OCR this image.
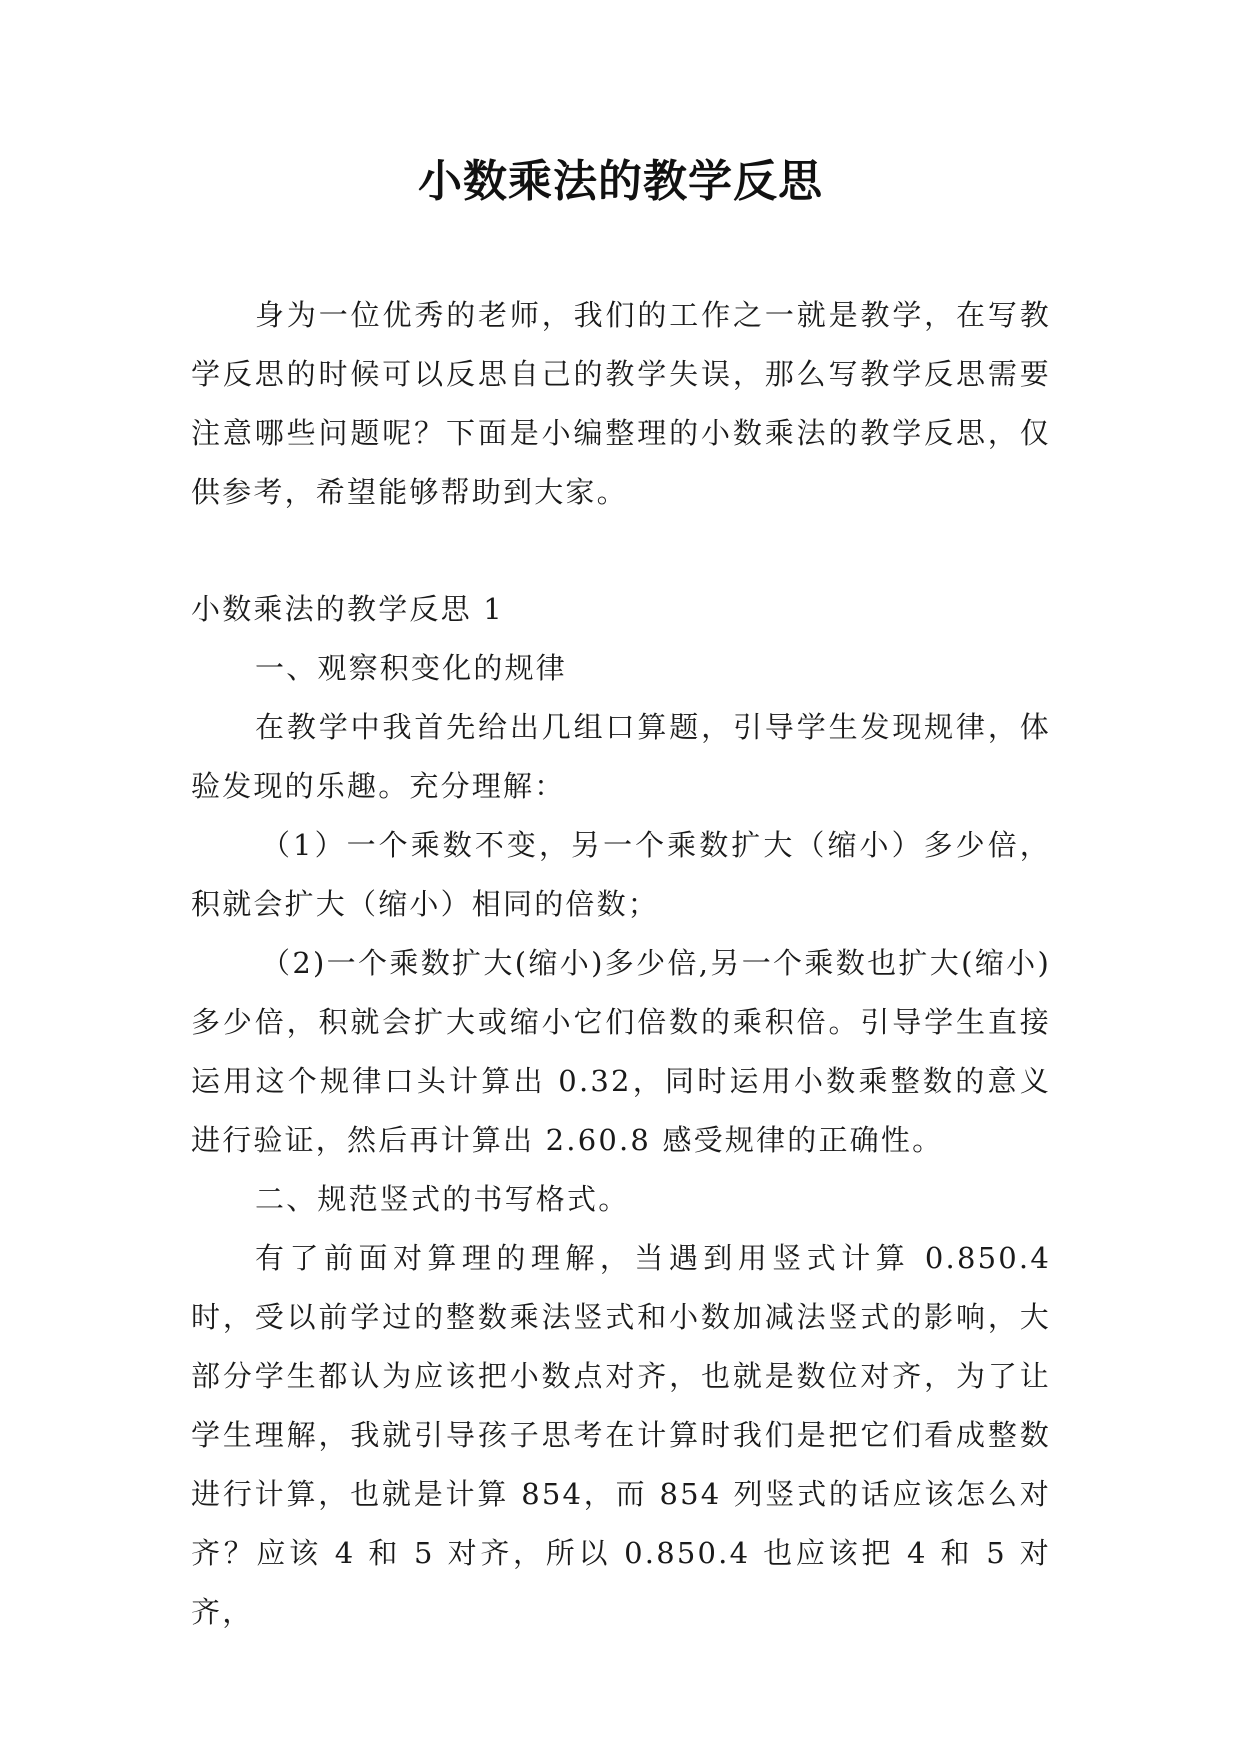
小数乘法的教学反思

身为一位优秀的老师，我们的工作之一就是教学，在写教学反思的时候可以反思自己的教学失误，那么写教学反思需要注意哪些问题呢？下面是小编整理的小数乘法的教学反思，仅供参考，希望能够帮助到大家。

小数乘法的教学反思 1

一、观察积变化的规律

在教学中我首先给出几组口算题，引导学生发现规律，体验发现的乐趣。充分理解：

（1）一个乘数不变，另一个乘数扩大（缩小）多少倍，积就会扩大（缩小）相同的倍数；

（2)一个乘数扩大(缩小)多少倍,另一个乘数也扩大(缩小)多少倍，积就会扩大或缩小它们倍数的乘积倍。引导学生直接运用这个规律口头计算出 0.32，同时运用小数乘整数的意义进行验证，然后再计算出 2.60.8 感受规律的正确性。

二、规范竖式的书写格式。

有了前面对算理的理解，当遇到用竖式计算 0.850.4 时，受以前学过的整数乘法竖式和小数加减法竖式的影响，大部分学生都认为应该把小数点对齐，也就是数位对齐，为了让学生理解，我就引导孩子思考在计算时我们是把它们看成整数进行计算，也就是计算 854，而 854 列竖式的话应该怎么对齐？应该 4 和 5 对齐，所以 0.850.4 也应该把 4 和 5 对齐，
